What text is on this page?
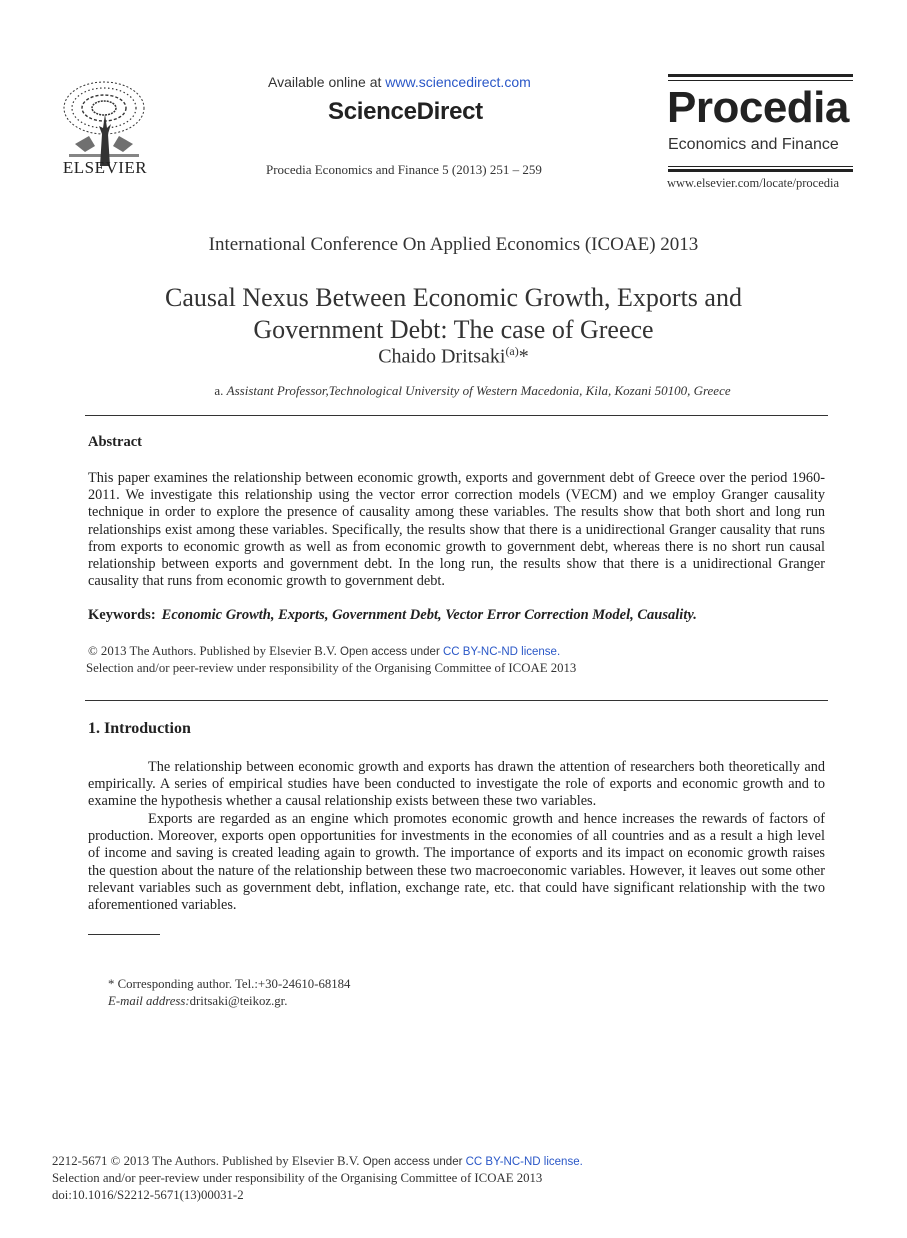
ELSEVIER
Available online at www.sciencedirect.com
ScienceDirect
Procedia Economics and Finance 5 (2013) 251 – 259
Procedia
Economics and Finance
www.elsevier.com/locate/procedia
International Conference On Applied Economics (ICOAE) 2013
Causal Nexus Between Economic Growth, Exports and
Government Debt: The case of Greece
Chaido Dritsaki$^{(a)}$*
a. Assistant Professor,Technological University of Western Macedonia, Kila, Kozani 50100, Greece
Abstract
This paper examines the relationship between economic growth, exports and government debt of Greece over the period 1960-2011. We investigate this relationship using the vector error correction models (VECM) and we employ Granger causality technique in order to explore the presence of causality among these variables. The results show that both short and long run relationships exist among these variables. Specifically, the results show that there is a unidirectional Granger causality that runs from exports to economic growth as well as from economic growth to government debt, whereas there is no short run causal relationship between exports and government debt. In the long run, the results show that there is a unidirectional Granger causality that runs from economic growth to government debt.
Keywords: Economic Growth, Exports, Government Debt, Vector Error Correction Model, Causality.
© 2013 The Authors. Published by Elsevier B.V. Open access under CC BY-NC-ND license.
Selection and/or peer-review under responsibility of the Organising Committee of ICOAE 2013
1. Introduction
The relationship between economic growth and exports has drawn the attention of researchers both theoretically and empirically. A series of empirical studies have been conducted to investigate the role of exports and economic growth and to examine the hypothesis whether a causal relationship exists between these two variables.
Exports are regarded as an engine which promotes economic growth and hence increases the rewards of factors of production. Moreover, exports open opportunities for investments in the economies of all countries and as a result a high level of income and saving is created leading again to growth. The importance of exports and its impact on economic growth raises the question about the nature of the relationship between these two macroeconomic variables. However, it leaves out some other relevant variables such as government debt, inflation, exchange rate, etc. that could have significant relationship with the two aforementioned variables.
* Corresponding author. Tel.:+30-24610-68184
E-mail address:dritsaki@teikoz.gr.
2212-5671 © 2013 The Authors. Published by Elsevier B.V. Open access under CC BY-NC-ND license.
Selection and/or peer-review under responsibility of the Organising Committee of ICOAE 2013
doi:10.1016/S2212-5671(13)00031-2
